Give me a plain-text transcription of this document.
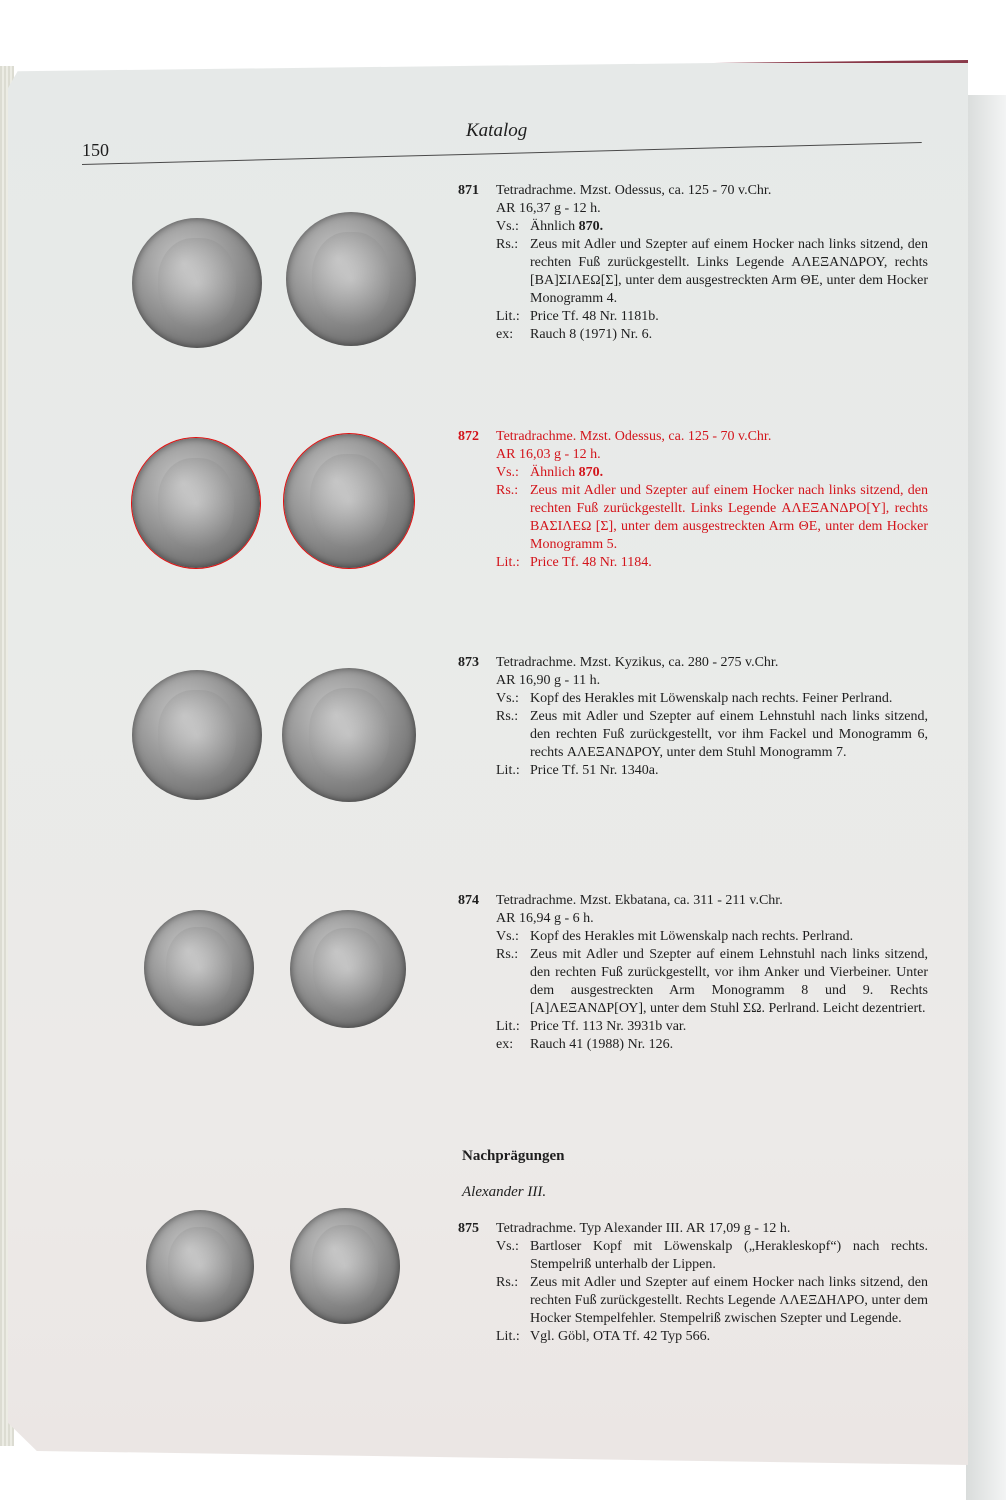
150
Katalog
871	Tetradrachme. Mzst. Odessus, ca. 125 - 70 v.Chr.
AR 16,37 g - 12 h.
Vs.: Ähnlich 870.
Rs.: Zeus mit Adler und Szepter auf einem Hocker nach links sitzend, den rechten Fuß zurückgestellt. Links Legende ΑΛΕΞΑΝΔΡΟΥ, rechts [ΒΑ]ΣΙΛΕΩ[Σ], unter dem ausgestreckten Arm ΘΕ, unter dem Hocker Monogramm 4.
Lit.: Price Tf. 48 Nr. 1181b.
ex:	Rauch 8 (1971) Nr. 6.
872	Tetradrachme. Mzst. Odessus, ca. 125 - 70 v.Chr.
AR 16,03 g - 12 h.
Vs.: Ähnlich 870.
Rs.: Zeus mit Adler und Szepter auf einem Hocker nach links sitzend, den rechten Fuß zurückgestellt. Links Legende ΑΛΕΞΑΝΔΡΟ[Υ], rechts ΒΑΣΙΛΕΩ [Σ], unter dem ausgestreckten Arm ΘΕ, unter dem Hocker Monogramm 5.
Lit.: Price Tf. 48 Nr. 1184.
873	Tetradrachme. Mzst. Kyzikus, ca. 280 - 275 v.Chr.
AR 16,90 g - 11 h.
Vs.: Kopf des Herakles mit Löwenskalp nach rechts. Feiner Perlrand.
Rs.: Zeus mit Adler und Szepter auf einem Lehnstuhl nach links sitzend, den rechten Fuß zurückgestellt, vor ihm Fackel und Monogramm 6, rechts ΑΛΕΞΑΝΔΡΟΥ, unter dem Stuhl Monogramm 7.
Lit.: Price Tf. 51 Nr. 1340a.
874	Tetradrachme. Mzst. Ekbatana, ca. 311 - 211 v.Chr.
AR 16,94 g - 6 h.
Vs.: Kopf des Herakles mit Löwenskalp nach rechts. Perlrand.
Rs.: Zeus mit Adler und Szepter auf einem Lehnstuhl nach links sitzend, den rechten Fuß zurückgestellt, vor ihm Anker und Vierbeiner. Unter dem ausgestreckten Arm Monogramm 8 und 9. Rechts [Α]ΛΕΞΑΝΔΡ[ΟΥ], unter dem Stuhl ΣΩ. Perlrand. Leicht dezentriert.
Lit.: Price Tf. 113 Nr. 3931b var.
ex:	Rauch 41 (1988) Nr. 126.
Nachprägungen
Alexander III.
875	Tetradrachme. Typ Alexander III. AR 17,09 g - 12 h.
Vs.: Bartloser Kopf mit Löwenskalp („Herakleskopf“) nach rechts. Stempelriß unterhalb der Lippen.
Rs.: Zeus mit Adler und Szepter auf einem Hocker nach links sitzend, den rechten Fuß zurückgestellt. Rechts Legende ΛΛΕΞΔΗΛΡΟ, unter dem Hocker Stempelfehler. Stempelriß zwischen Szepter und Legende.
Lit.: Vgl. Göbl, OTA Tf. 42 Typ 566.
